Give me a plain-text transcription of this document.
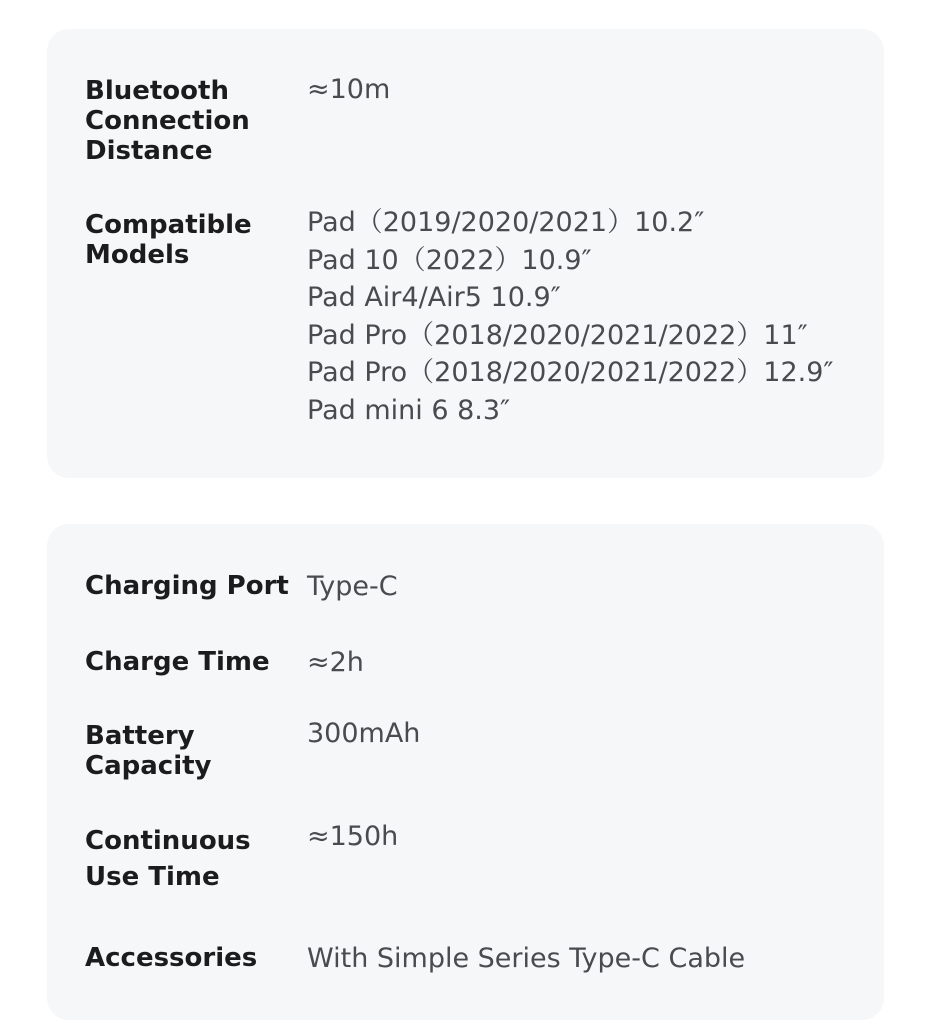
Bluetooth
Connection
Distance
≈10m
Compatible
Models
Pad（2019/2020/2021）10.2″
Pad 10（2022）10.9″
Pad Air4/Air5 10.9″
Pad Pro（2018/2020/2021/2022）11″
Pad Pro（2018/2020/2021/2022）12.9″
Pad mini 6 8.3″
Charging Port Type-C
Charge Time	≈2h
Battery
Capacity
300mAh
Continuous
Use Time
≈150h
Accessories	With Simple Series Type-C Cable
